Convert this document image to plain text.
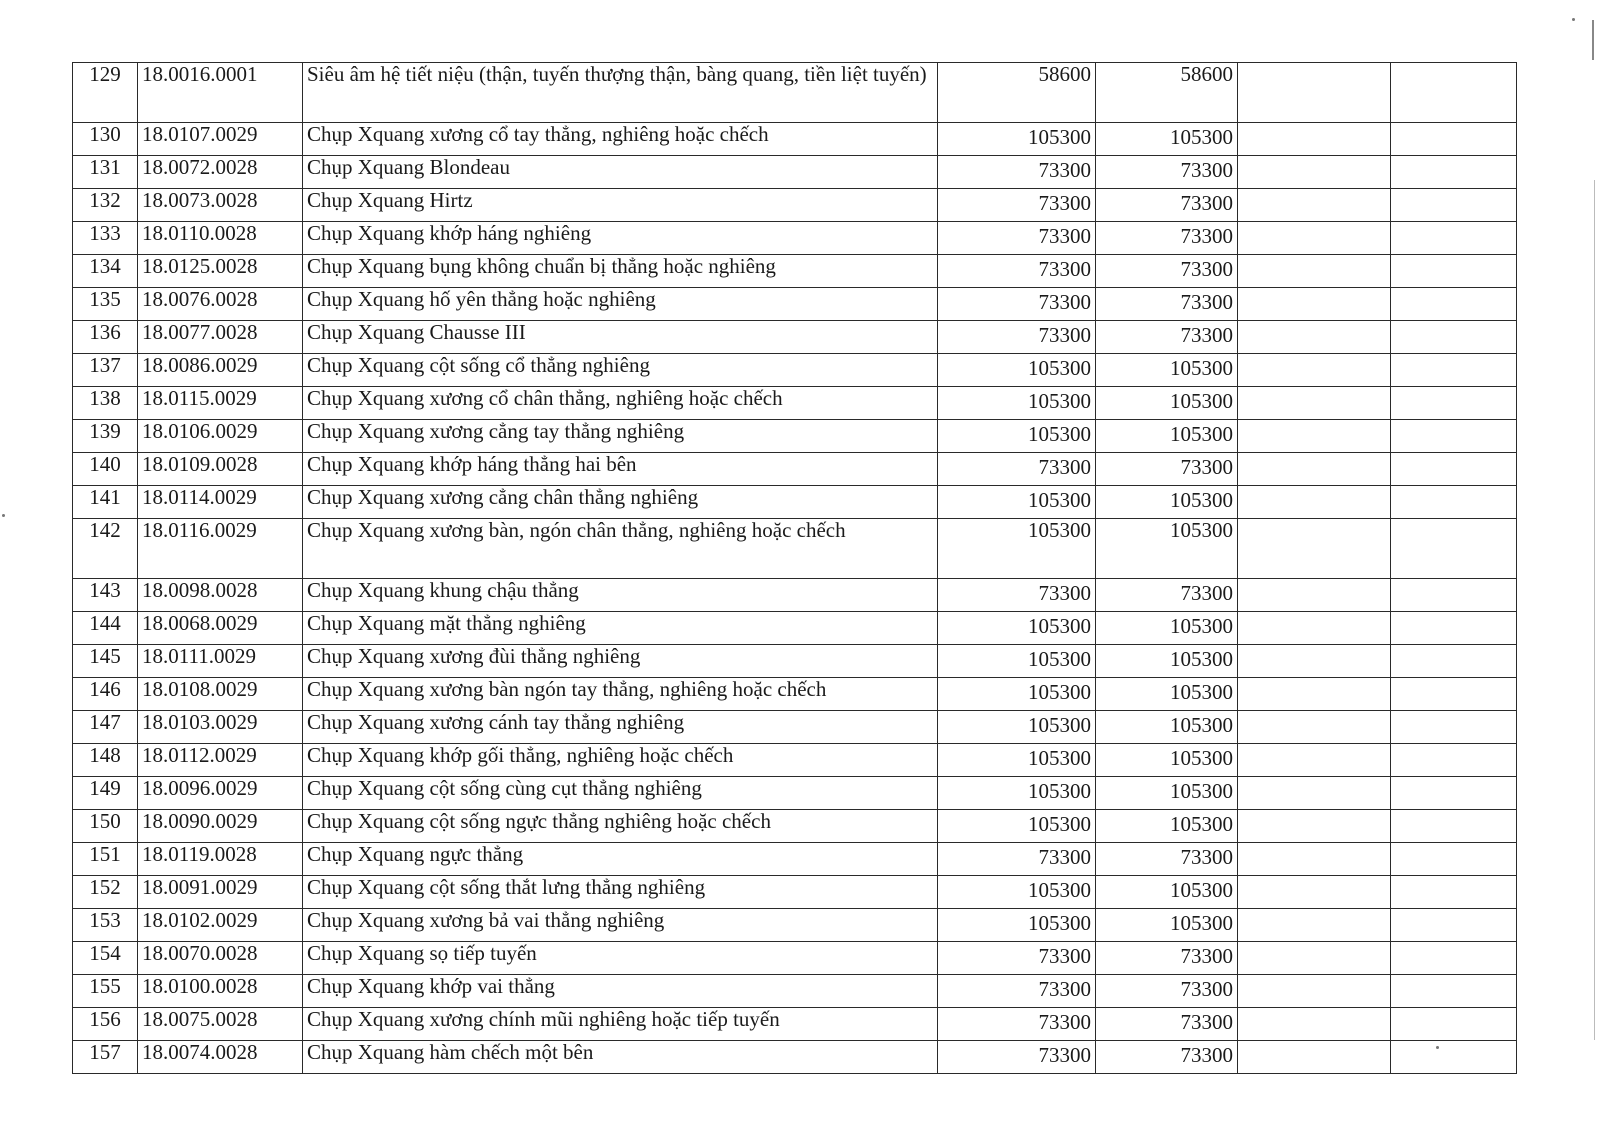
129	18.0016.0001	Siêu âm hệ tiết niệu (thận, tuyến thượng thận, bàng quang, tiền liệt tuyến)	58600	58600		
130	18.0107.0029	Chụp Xquang xương cổ tay thẳng, nghiêng hoặc chếch	105300	105300		
131	18.0072.0028	Chụp Xquang Blondeau	73300	73300		
132	18.0073.0028	Chụp Xquang Hirtz	73300	73300		
133	18.0110.0028	Chụp Xquang khớp háng nghiêng	73300	73300		
134	18.0125.0028	Chụp Xquang bụng không chuẩn bị thẳng hoặc nghiêng	73300	73300		
135	18.0076.0028	Chụp Xquang hố yên thẳng hoặc nghiêng	73300	73300		
136	18.0077.0028	Chụp Xquang Chausse III	73300	73300		
137	18.0086.0029	Chụp Xquang cột sống cổ thẳng nghiêng	105300	105300		
138	18.0115.0029	Chụp Xquang xương cổ chân thẳng, nghiêng hoặc chếch	105300	105300		
139	18.0106.0029	Chụp Xquang xương cẳng tay thẳng nghiêng	105300	105300		
140	18.0109.0028	Chụp Xquang khớp háng thẳng hai bên	73300	73300		
141	18.0114.0029	Chụp Xquang xương cẳng chân thẳng nghiêng	105300	105300		
142	18.0116.0029	Chụp Xquang xương bàn, ngón chân thẳng, nghiêng hoặc chếch	105300	105300		
143	18.0098.0028	Chụp Xquang khung chậu thẳng	73300	73300		
144	18.0068.0029	Chụp Xquang mặt thẳng nghiêng	105300	105300		
145	18.0111.0029	Chụp Xquang xương đùi thẳng nghiêng	105300	105300		
146	18.0108.0029	Chụp Xquang xương bàn ngón tay thẳng, nghiêng hoặc chếch	105300	105300		
147	18.0103.0029	Chụp Xquang xương cánh tay thẳng nghiêng	105300	105300		
148	18.0112.0029	Chụp Xquang khớp gối thẳng, nghiêng hoặc chếch	105300	105300		
149	18.0096.0029	Chụp Xquang cột sống cùng cụt thẳng nghiêng	105300	105300		
150	18.0090.0029	Chụp Xquang cột sống ngực thẳng nghiêng hoặc chếch	105300	105300		
151	18.0119.0028	Chụp Xquang ngực thẳng	73300	73300		
152	18.0091.0029	Chụp Xquang cột sống thắt lưng thẳng nghiêng	105300	105300		
153	18.0102.0029	Chụp Xquang xương bả vai thẳng nghiêng	105300	105300		
154	18.0070.0028	Chụp Xquang sọ tiếp tuyến	73300	73300		
155	18.0100.0028	Chụp Xquang khớp vai thẳng	73300	73300		
156	18.0075.0028	Chụp Xquang xương chính mũi nghiêng hoặc tiếp tuyến	73300	73300		
157	18.0074.0028	Chụp Xquang hàm chếch một bên	73300	73300		
